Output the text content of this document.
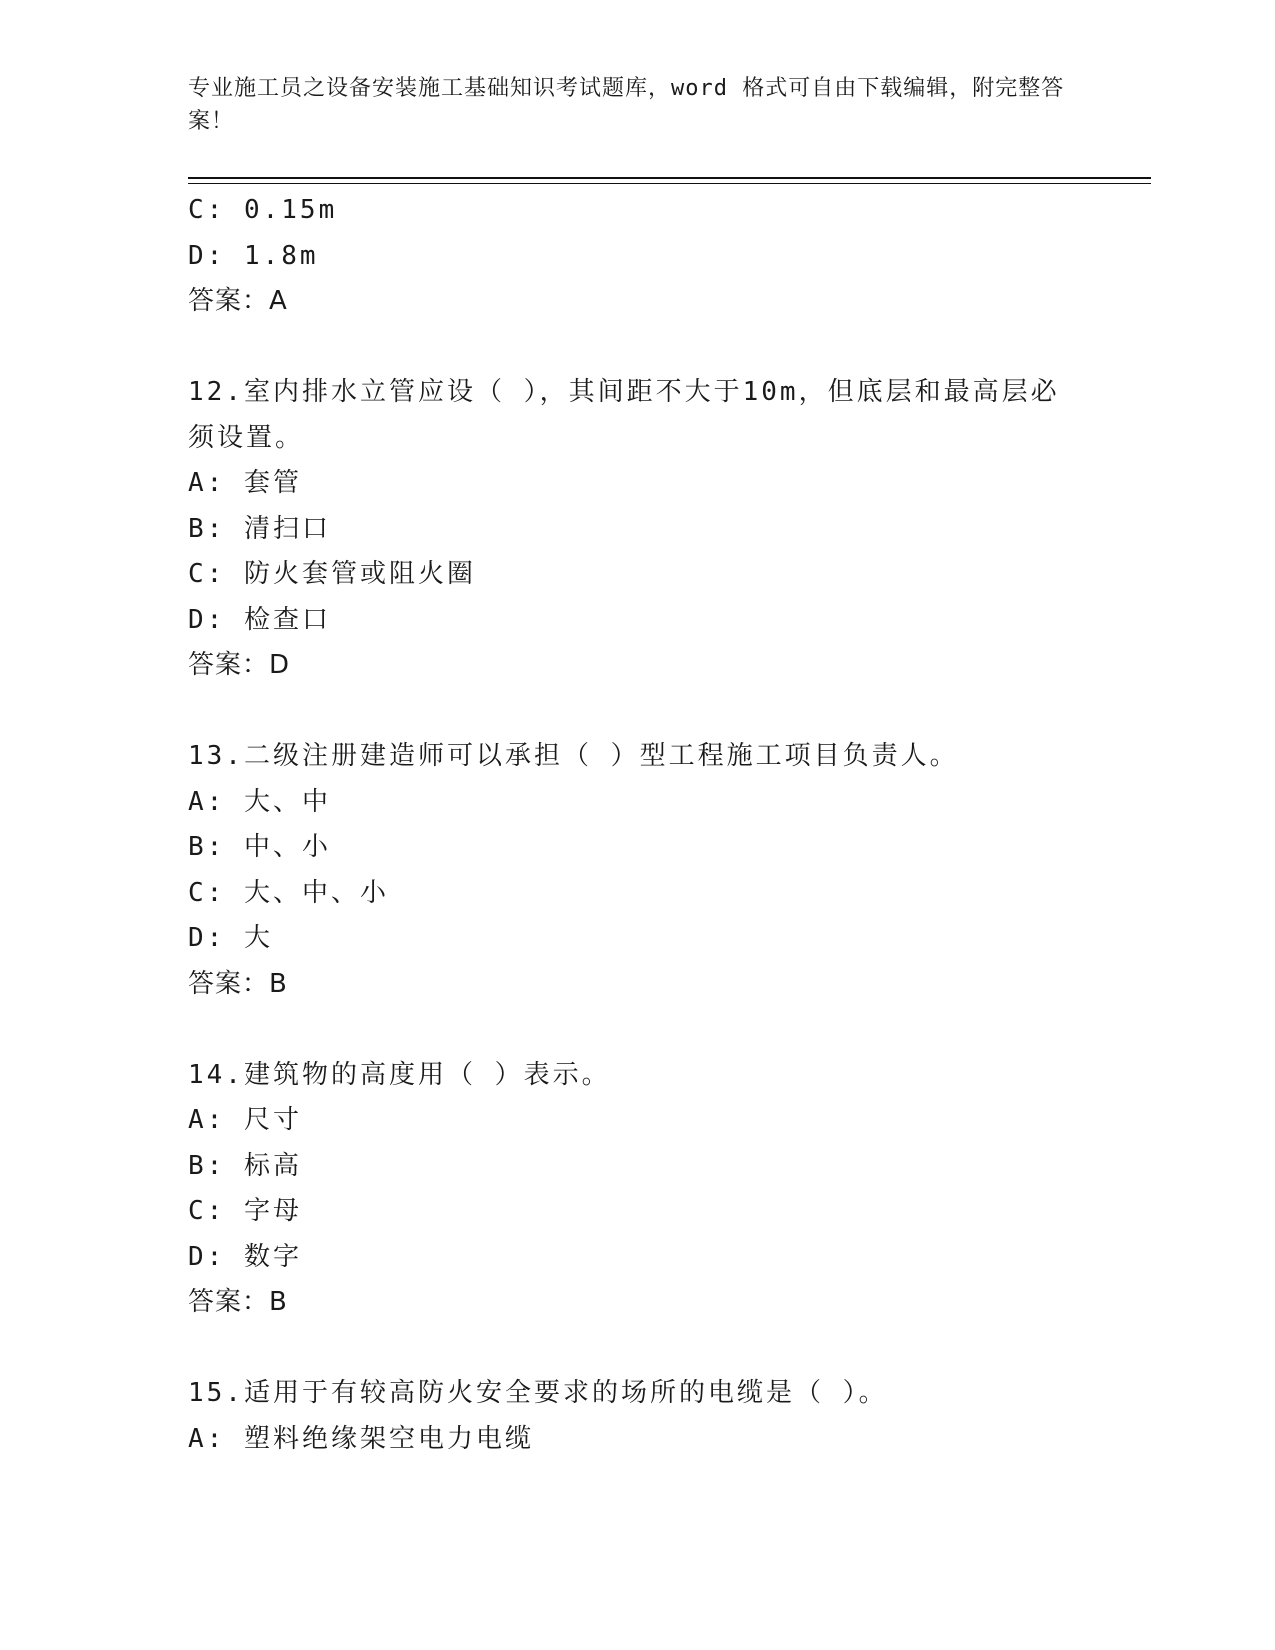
专业施工员之设备安装施工基础知识考试题库，word 格式可自由下载编辑，附完整答案！
C: 0.15m
D: 1.8m
答案：A
12.室内排水立管应设（ ），其间距不大于10m，但底层和最高层必须设置。
A: 套管
B: 清扫口
C: 防火套管或阻火圈
D: 检查口
答案：D
13.二级注册建造师可以承担（ ）型工程施工项目负责人。
A: 大、中
B: 中、小
C: 大、中、小
D: 大
答案：B
14.建筑物的高度用（ ）表示。
A: 尺寸
B: 标高
C: 字母
D: 数字
答案：B
15.适用于有较高防火安全要求的场所的电缆是（ ）。
A: 塑料绝缘架空电力电缆
